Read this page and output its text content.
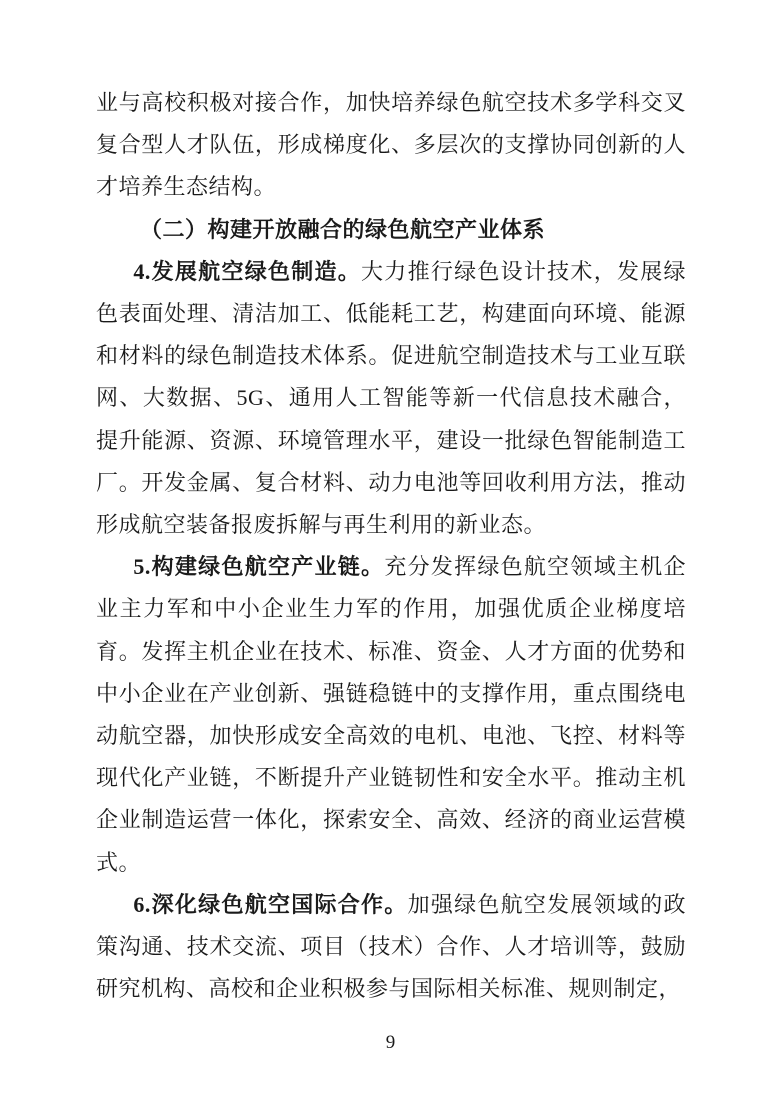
业与高校积极对接合作，加快培养绿色航空技术多学科交叉复合型人才队伍，形成梯度化、多层次的支撑协同创新的人才培养生态结构。

（二）构建开放融合的绿色航空产业体系

4.发展航空绿色制造。大力推行绿色设计技术，发展绿色表面处理、清洁加工、低能耗工艺，构建面向环境、能源和材料的绿色制造技术体系。促进航空制造技术与工业互联网、大数据、5G、通用人工智能等新一代信息技术融合，提升能源、资源、环境管理水平，建设一批绿色智能制造工厂。开发金属、复合材料、动力电池等回收利用方法，推动形成航空装备报废拆解与再生利用的新业态。

5.构建绿色航空产业链。充分发挥绿色航空领域主机企业主力军和中小企业生力军的作用，加强优质企业梯度培育。发挥主机企业在技术、标准、资金、人才方面的优势和中小企业在产业创新、强链稳链中的支撑作用，重点围绕电动航空器，加快形成安全高效的电机、电池、飞控、材料等现代化产业链，不断提升产业链韧性和安全水平。推动主机企业制造运营一体化，探索安全、高效、经济的商业运营模式。

6.深化绿色航空国际合作。加强绿色航空发展领域的政策沟通、技术交流、项目（技术）合作、人才培训等，鼓励研究机构、高校和企业积极参与国际相关标准、规则制定，

9
